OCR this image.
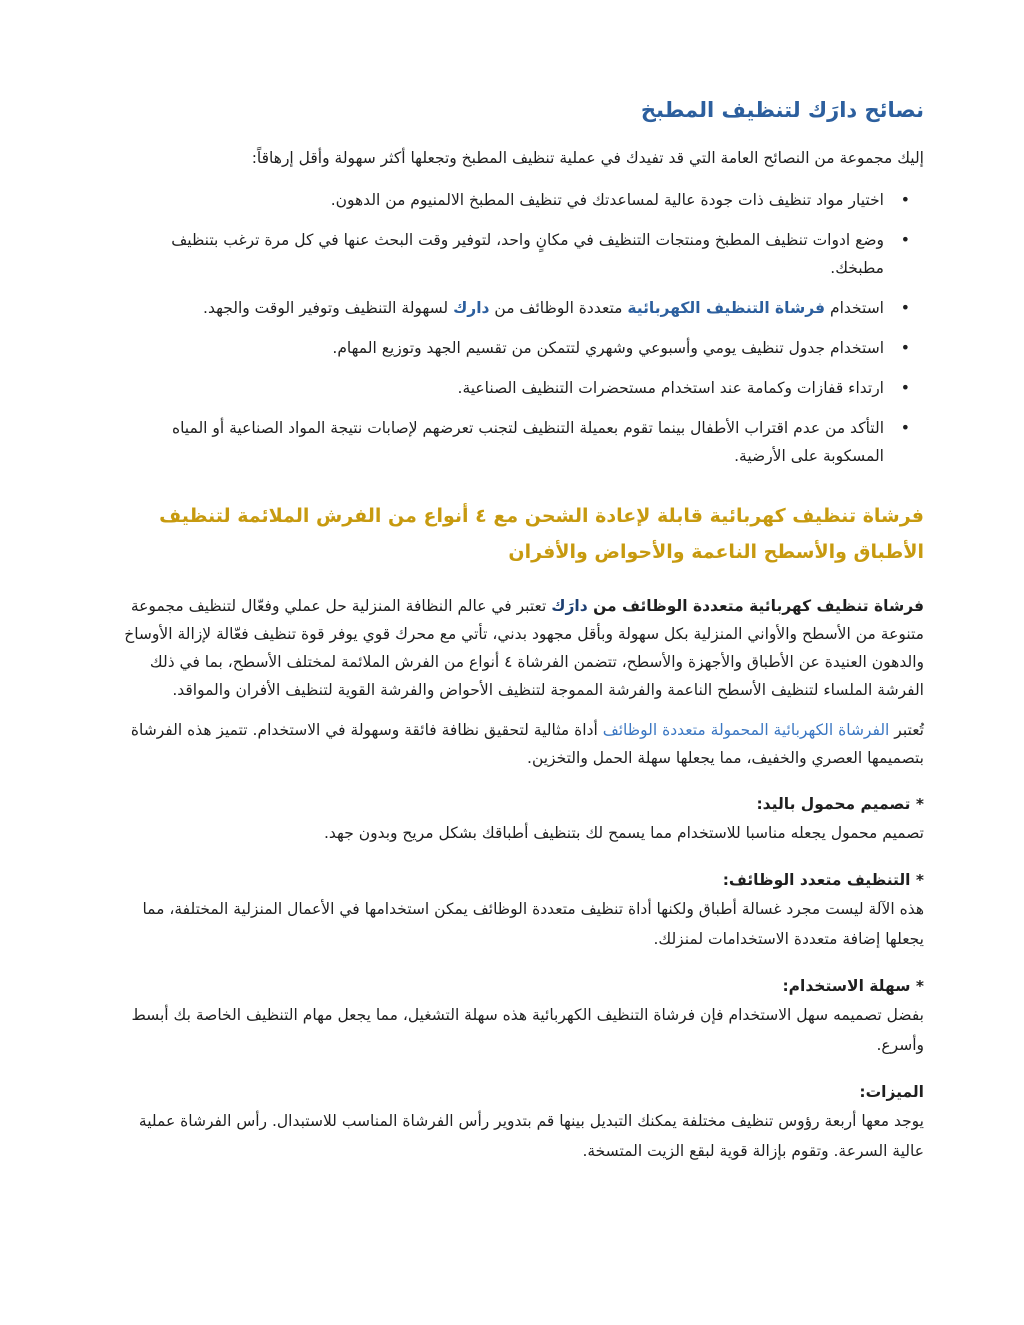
نصائح دارَك لتنظيف المطبخ

إليك مجموعة من النصائح العامة التي قد تفيدك في عملية تنظيف المطبخ وتجعلها أكثر سهولة وأقل إرهاقاً:

• اختيار مواد تنظيف ذات جودة عالية لمساعدتك في تنظيف المطبخ الالمنيوم من الدهون.
• وضع ادوات تنظيف المطبخ ومنتجات التنظيف في مكانٍ واحد، لتوفير وقت البحث عنها في كل مرة ترغب بتنظيف مطبخك.
• استخدام فرشاة التنظيف الكهربائية متعددة الوظائف من دارك لسهولة التنظيف وتوفير الوقت والجهد.
• استخدام جدول تنظيف يومي وأسبوعي وشهري لتتمكن من تقسيم الجهد وتوزيع المهام.
• ارتداء قفازات وكمامة عند استخدام مستحضرات التنظيف الصناعية.
• التأكد من عدم اقتراب الأطفال بينما تقوم بعميلة التنظيف لتجنب تعرضهم لإصابات نتيجة المواد الصناعية أو المياه المسكوبة على الأرضية.
فرشاة تنظيف كهربائية قابلة لإعادة الشحن مع ٤ أنواع من الفرش الملائمة لتنظيف الأطباق والأسطح الناعمة والأحواض والأفران

فرشاة تنظيف كهربائية متعددة الوظائف من دارَك تعتبر في عالم النظافة المنزلية حل عملي وفعّال لتنظيف مجموعة متنوعة من الأسطح والأواني المنزلية بكل سهولة وبأقل مجهود بدني، تأتي مع محرك قوي يوفر قوة تنظيف فعّالة لإزالة الأوساخ والدهون العنيدة عن الأطباق والأجهزة والأسطح، تتضمن الفرشاة ٤ أنواع من الفرش الملائمة لمختلف الأسطح، بما في ذلك الفرشة الملساء لتنظيف الأسطح الناعمة والفرشة المموجة لتنظيف الأحواض والفرشة القوية لتنظيف الأفران والمواقد.

تُعتبر الفرشاة الكهربائية المحمولة متعددة الوظائف أداة مثالية لتحقيق نظافة فائقة وسهولة في الاستخدام. تتميز هذه الفرشاة بتصميمها العصري والخفيف، مما يجعلها سهلة الحمل والتخزين.

* تصميم محمول باليد:

تصميم محمول يجعله مناسبا للاستخدام مما يسمح لك بتنظيف أطباقك بشكل مريح وبدون جهد.

* التنظيف متعدد الوظائف:

هذه الآلة ليست مجرد غسالة أطباق ولكنها أداة تنظيف متعددة الوظائف يمكن استخدامها في الأعمال المنزلية المختلفة، مما يجعلها إضافة متعددة الاستخدامات لمنزلك.

* سهلة الاستخدام:

بفضل تصميمه سهل الاستخدام فإن فرشاة التنظيف الكهربائية هذه سهلة التشغيل، مما يجعل مهام التنظيف الخاصة بك أبسط وأسرع.

الميزات:

يوجد معها أربعة رؤوس تنظيف مختلفة يمكنك التبديل بينها قم بتدوير رأس الفرشاة المناسب للاستبدال. رأس الفرشاة عملية عالية السرعة. وتقوم بإزالة قوية لبقع الزيت المتسخة.
